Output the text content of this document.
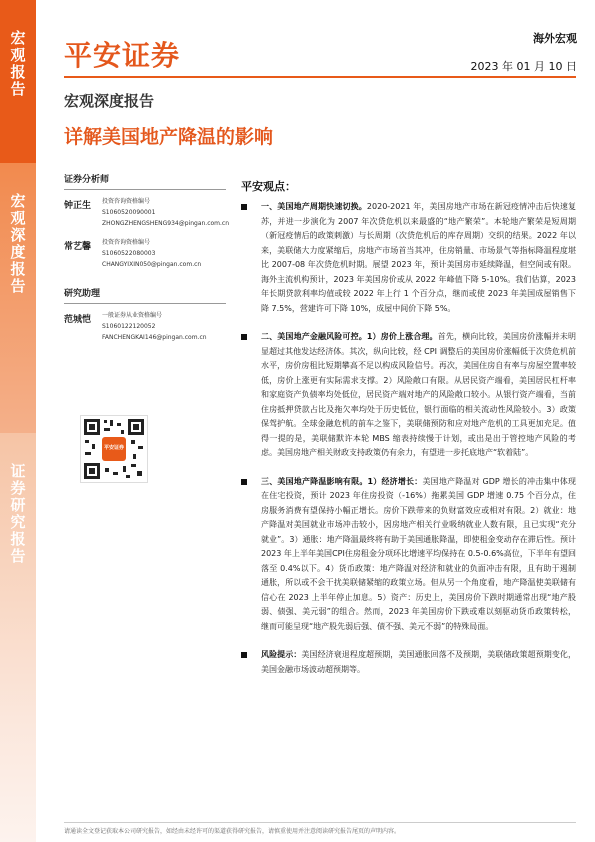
宏观报告
宏观深度报告
证券研究报告
平安证券
海外宏观
2023 年 01 月 10 日
宏观深度报告
详解美国地产降温的影响
证券分析师
钟正生	投资咨询资格编号
S1060520090001
ZHONGZHENGSHENG934@pingan.com.cn
常艺馨	投资咨询资格编号
S1060522080003
CHANGYIXIN050@pingan.com.cn
研究助理
范城恺	一般证券从业资格编号
S1060122120052
FANCHENGKAI146@pingan.com.cn
平安证券
平安观点：
一、美国地产周期快速切换。2020-2021 年，美国房地产市场在新冠疫情冲击后快速复苏，并进一步演化为 2007 年次贷危机以来最盛的“地产繁荣”。本轮地产繁荣是短周期（新冠疫情后的政策刺激）与长周期（次贷危机后的库存周期）交织的结果。2022 年以来，美联储大力度紧缩后，房地产市场首当其冲，住房销量、市场景气等指标降温程度堪比 2007-08 年次贷危机时期。展望 2023 年，预计美国房市延续降温，但空间或有限。海外主流机构预计，2023 年美国房价或从 2022 年峰值下降 5-10%。我们估算，2023 年长期贷款利率均值或较 2022 年上行 1 个百分点，继而或使 2023 年美国成屋销售下降 7.5%，营建许可下降 10%，成屋中间价下降 5%。
二、美国地产金融风险可控。1）房价上涨合理。首先，横向比较，美国房价涨幅并未明显超过其他发达经济体。其次，纵向比较，经 CPI 调整后的美国房价涨幅低于次贷危机前水平，房价房租比短期攀高不足以构成风险信号。再次，美国住房自有率与房屋空置率较低，房价上涨更有实际需求支撑。2）风险敞口有限。从居民资产端看，美国居民杠杆率和家庭资产负债率均处低位，居民资产端对地产的风险敞口较小。从银行资产端看，当前住房抵押贷款占比及拖欠率均处于历史低位，银行面临的相关流动性风险较小。3）政策保驾护航。全球金融危机的前车之鉴下，美联储预防和应对地产危机的工具更加充足。值得一提的是，美联储默许本轮 MBS 缩表持续慢于计划，或出是出于管控地产风险的考虑。美国房地产相关财政支持政策仍有余力，有望进一步托底地产“软着陆”。
三、美国地产降温影响有限。1）经济增长：美国地产降温对 GDP 增长的冲击集中体现在住宅投资，预计 2023 年住房投资（-16%）拖累美国 GDP 增速 0.75 个百分点，住房服务消费有望保持小幅正增长。房价下跌带来的负财富效应或相对有限。2）就业：地产降温对美国就业市场冲击较小，因房地产相关行业吸纳就业人数有限，且已实现“充分就业”。3）通胀：地产降温最终将有助于美国通胀降温，即使租金变动存在滞后性。预计 2023 年上半年美国CPI住房租金分项环比增速平均保持在 0.5-0.6%高位，下半年有望回落至 0.4%以下。4）货币政策：地产降温对经济和就业的负面冲击有限，且有助于遏制通胀，所以或不会干扰美联储紧缩的政策立场。但从另一个角度看，地产降温使美联储有信心在 2023 上半年停止加息。5）资产：历史上，美国房价下跌时期通常出现“地产股弱、债强、美元弱”的组合。然而，2023 年美国房价下跌或难以刻驱动货币政策转松，继而可能呈现“地产股先弱后强、债不强、美元不弱”的特殊局面。
风险提示：美国经济衰退程度超预期，美国通胀回落不及预期，美联储政策超预期变化，美国金融市场波动超预期等。
请通读全文登记获取本公司研究报告，如经由未经许可的渠道获得研究报告，请慎重使用并注意阅读研究报告尾页的声明内容。
